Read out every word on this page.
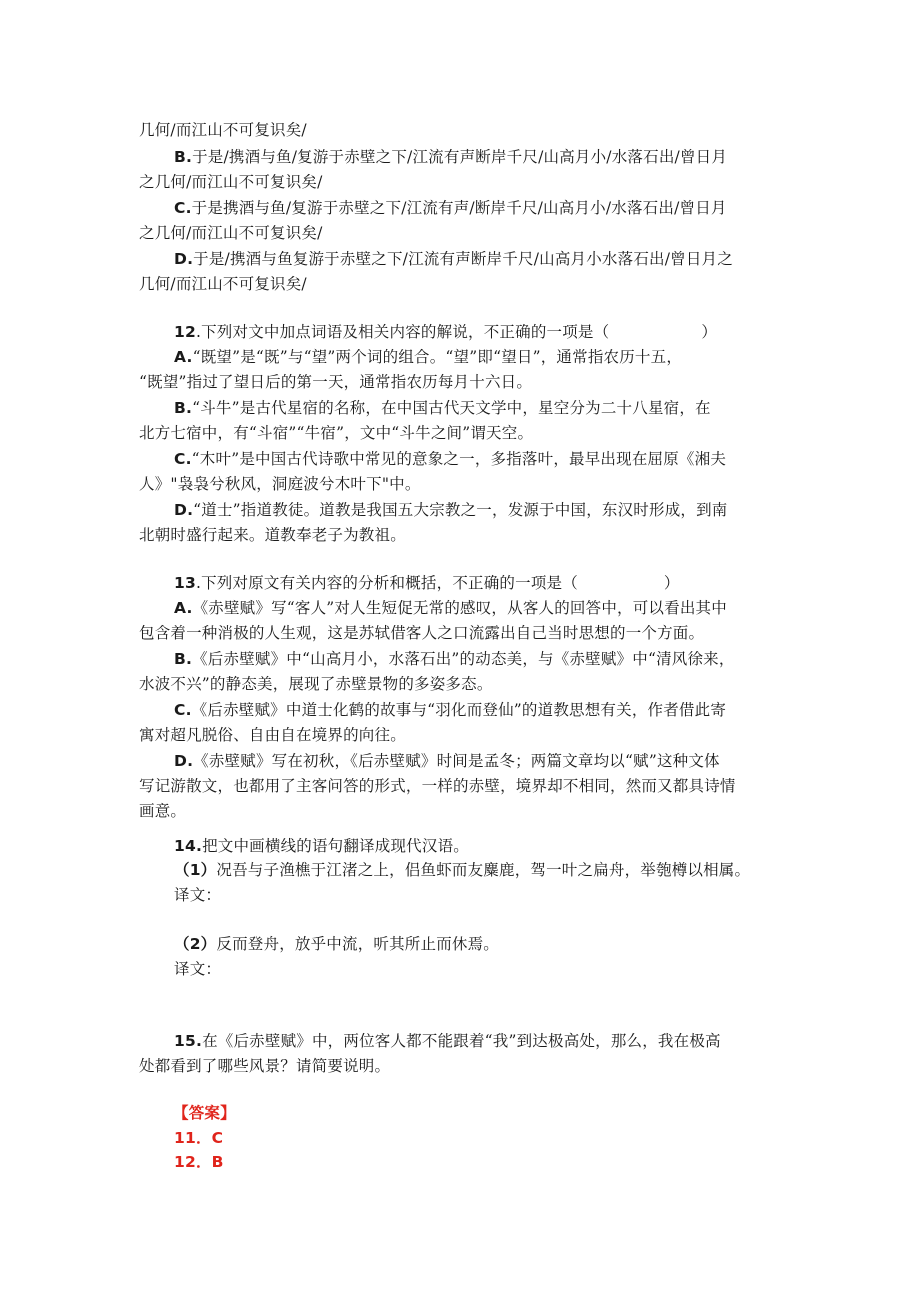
几何/而江山不可复识矣/
B.于是/携酒与鱼/复游于赤壁之下/江流有声断岸千尺/山高月小/水落石出/曾日月
之几何/而江山不可复识矣/
C.于是携酒与鱼/复游于赤壁之下/江流有声/断岸千尺/山高月小/水落石出/曾日月
之几何/而江山不可复识矣/
D.于是/携酒与鱼复游于赤壁之下/江流有声断岸千尺/山高月小水落石出/曾日月之
几何/而江山不可复识矣/
12.下列对文中加点词语及相关内容的解说，不正确的一项是（	）
A.“既望”是“既”与“望”两个词的组合。“望”即“望日”，通常指农历十五，
“既望”指过了望日后的第一天，通常指农历每月十六日。
B.“斗牛”是古代星宿的名称，在中国古代天文学中，星空分为二十八星宿，在
北方七宿中，有“斗宿”“牛宿”，文中“斗牛之间”谓天空。
C.“木叶”是中国古代诗歌中常见的意象之一，多指落叶，最早出现在屈原《湘夫
人》"袅袅兮秋风，洞庭波兮木叶下"中。
D.“道士”指道教徒。道教是我国五大宗教之一，发源于中国，东汉时形成，到南
北朝时盛行起来。道教奉老子为教祖。
13.下列对原文有关内容的分析和概括，不正确的一项是（	）
A.《赤壁赋》写“客人”对人生短促无常的感叹，从客人的回答中，可以看出其中
包含着一种消极的人生观，这是苏轼借客人之口流露出自己当时思想的一个方面。
B.《后赤壁赋》中“山高月小，水落石出”的动态美，与《赤壁赋》中“清风徐来，
水波不兴”的静态美，展现了赤壁景物的多姿多态。
C.《后赤壁赋》中道士化鹤的故事与“羽化而登仙”的道教思想有关，作者借此寄
寓对超凡脱俗、自由自在境界的向往。
D.《赤壁赋》写在初秋，《后赤壁赋》时间是孟冬；两篇文章均以“赋”这种文体
写记游散文，也都用了主客问答的形式，一样的赤壁，境界却不相同，然而又都具诗情
画意。
14.把文中画横线的语句翻译成现代汉语。
（1）况吾与子渔樵于江渚之上，侣鱼虾而友麋鹿，驾一叶之扁舟，举匏樽以相属。
译文：
（2）反而登舟，放乎中流，听其所止而休焉。
译文：
15.在《后赤壁赋》中，两位客人都不能跟着“我”到达极高处，那么，我在极高
处都看到了哪些风景？请简要说明。
【答案】
11．C
12．B
